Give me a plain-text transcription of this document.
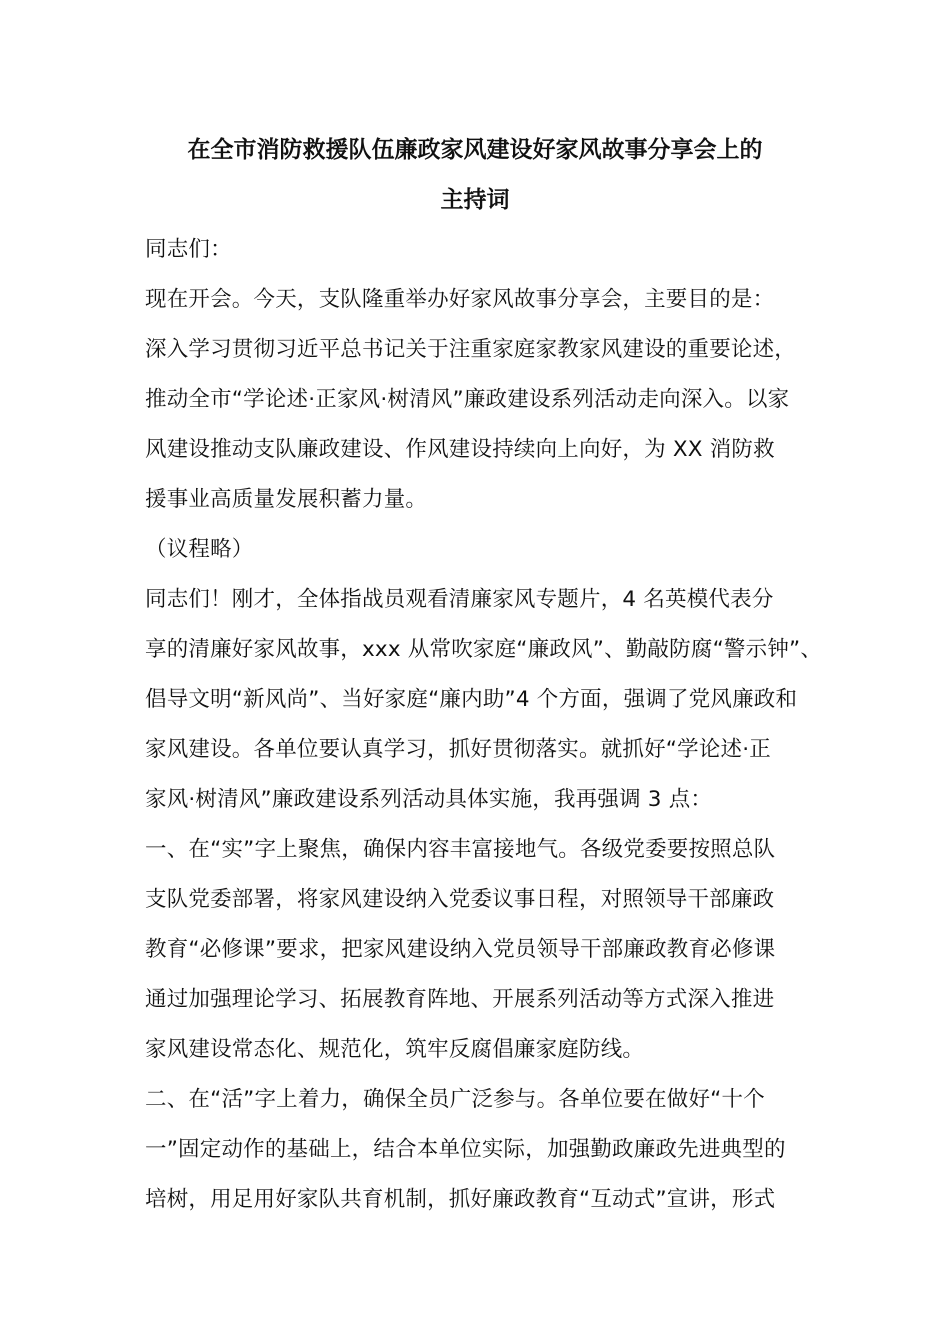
在全市消防救援队伍廉政家风建设好家风故事分享会上的
主持词
同志们：
现在开会。今天，支队隆重举办好家风故事分享会，主要目的是：
深入学习贯彻习近平总书记关于注重家庭家教家风建设的重要论述，
推动全市“学论述·正家风·树清风”廉政建设系列活动走向深入。以家
风建设推动支队廉政建设、作风建设持续向上向好，为 XX 消防救
援事业高质量发展积蓄力量。
（议程略）
同志们！刚才，全体指战员观看清廉家风专题片，4 名英模代表分
享的清廉好家风故事，xxx 从常吹家庭“廉政风”、勤敲防腐“警示钟”、
倡导文明“新风尚”、当好家庭“廉内助”4 个方面，强调了党风廉政和
家风建设。各单位要认真学习，抓好贯彻落实。就抓好“学论述·正
家风·树清风”廉政建设系列活动具体实施，我再强调 3 点：
一、在“实”字上聚焦，确保内容丰富接地气。各级党委要按照总队
支队党委部署，将家风建设纳入党委议事日程，对照领导干部廉政
教育“必修课”要求，把家风建设纳入党员领导干部廉政教育必修课
通过加强理论学习、拓展教育阵地、开展系列活动等方式深入推进
家风建设常态化、规范化，筑牢反腐倡廉家庭防线。
二、在“活”字上着力，确保全员广泛参与。各单位要在做好“十个
一”固定动作的基础上，结合本单位实际，加强勤政廉政先进典型的
培树，用足用好家队共育机制，抓好廉政教育“互动式”宣讲，形式
